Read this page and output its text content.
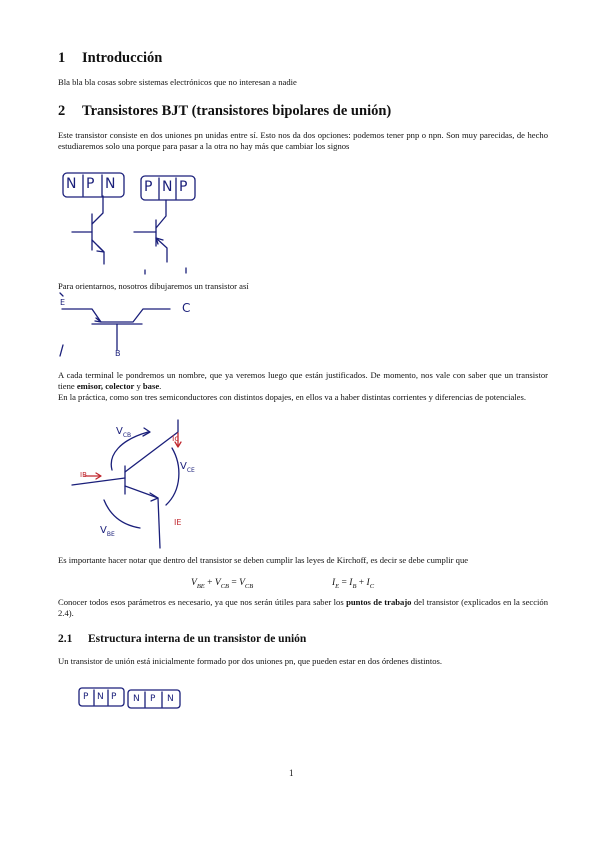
1 Introducción
Bla bla bla cosas sobre sistemas electrónicos que no interesan a nadie
2 Transistores BJT (transistores bipolares de unión)
Este transistor consiste en dos uniones pn unidas entre sí. Esto nos da dos opciones: podemos tener pnp o npn. Son muy parecidas, de hecho estudiaremos solo una porque para pasar a la otra no hay más que cambiar los signos
N P N P N P
Para orientarnos, nosotros dibujaremos un transistor así
E	C
B
A cada terminal le pondremos un nombre, que ya veremos luego que están justificados. De momento, nos vale con saber que un transistor tiene emisor, colector y base.
En la práctica, como son tres semiconductores con distintos dopajes, en ellos va a haber distintas corrientes y diferencias de potenciales.
$V_{CB}$	Ic
$V_{CE}$
IB
IE
$V_{BE}$
Es importante hacer notar que dentro del transistor se deben cumplir las leyes de Kirchoff, es decir se debe cumplir que
$V_{BE} + V_{CB} = V_{CB}$	$I_E = I_B + I_C$
Conocer todos esos parámetros es necesario, ya que nos serán útiles para saber los puntos de trabajo del transistor (explicados en la sección 2.4).
2.1 Estructura interna de un transistor de unión
Un transistor de unión está inicialmente formado por dos uniones pn, que pueden estar en dos órdenes distintos.
P N P N P N
1
